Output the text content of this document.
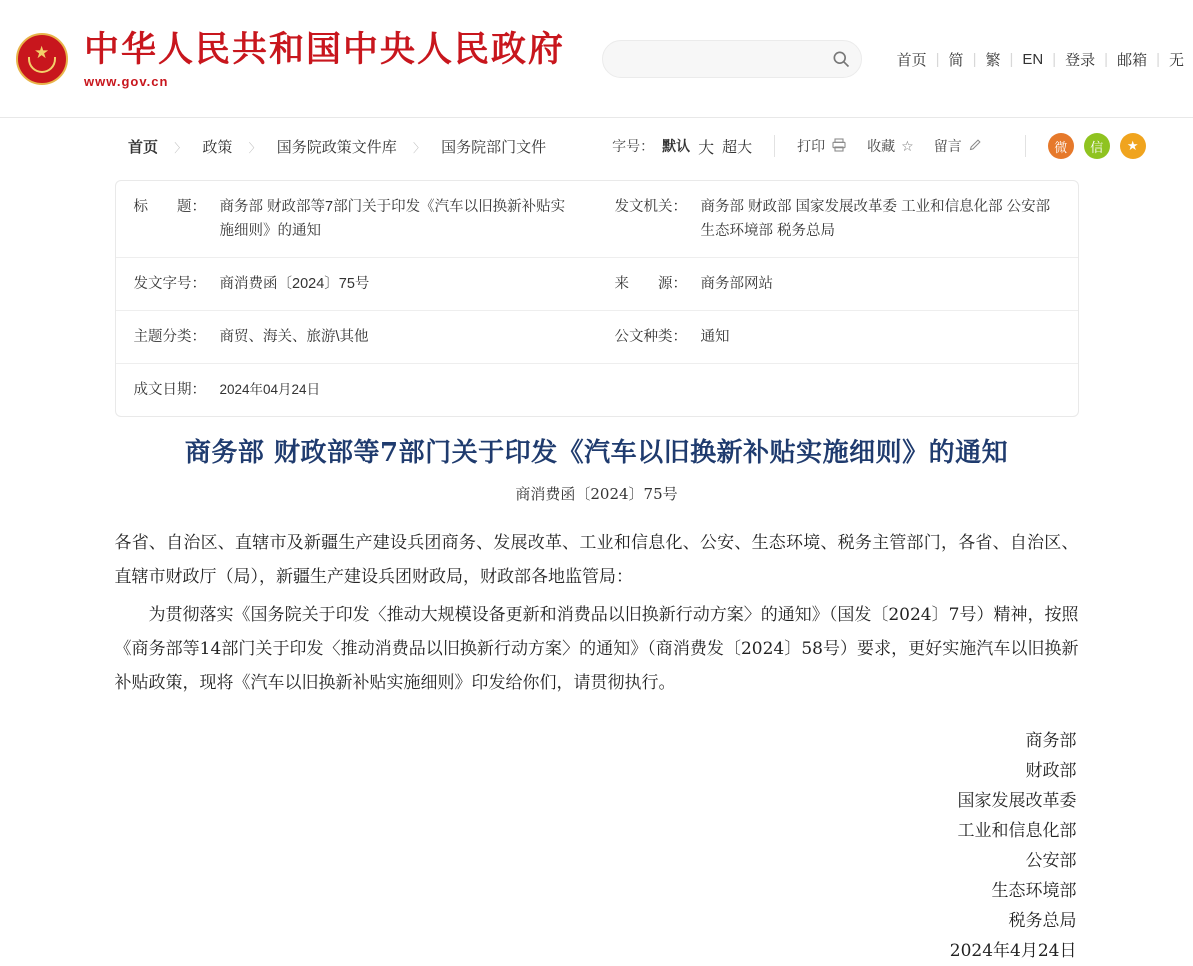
★ 中华人民共和国中央人民政府
www.gov.cn
首页 | 简 | 繁 | EN | 登录 | 邮箱 | 无
首页 〉 政策 〉 国务院政策文件库 〉 国务院部门文件	字号： 默认 大 超大	打印	收藏 ☆ 留言	微	信	★
标　　题： 商务部 财政部等7部门关于印发《汽车以旧换新补贴实施细则》的通知
发文机关： 商务部 财政部 国家发展改革委 工业和信息化部 公安部 生态环境部 税务总局
发文字号： 商消费函〔2024〕75号	来　　源： 商务部网站
主题分类： 商贸、海关、旅游\其他	公文种类： 通知
成文日期：	2024年04月24日
商务部 财政部等7部门关于印发《汽车以旧换新补贴实施细则》的通知
商消费函〔2024〕75号

各省、自治区、直辖市及新疆生产建设兵团商务、发展改革、工业和信息化、公安、生态环境、税务主管部门，各省、自治区、直辖市财政厅（局），新疆生产建设兵团财政局，财政部各地监管局：

为贯彻落实《国务院关于印发〈推动大规模设备更新和消费品以旧换新行动方案〉的通知》（国发〔2024〕7号）精神，按照《商务部等14部门关于印发〈推动消费品以旧换新行动方案〉的通知》（商消费发〔2024〕58号）要求，更好实施汽车以旧换新补贴政策，现将《汽车以旧换新补贴实施细则》印发给你们，请贯彻执行。

商务部
财政部
国家发展改革委
工业和信息化部
公安部
生态环境部
税务总局
2024年4月24日
